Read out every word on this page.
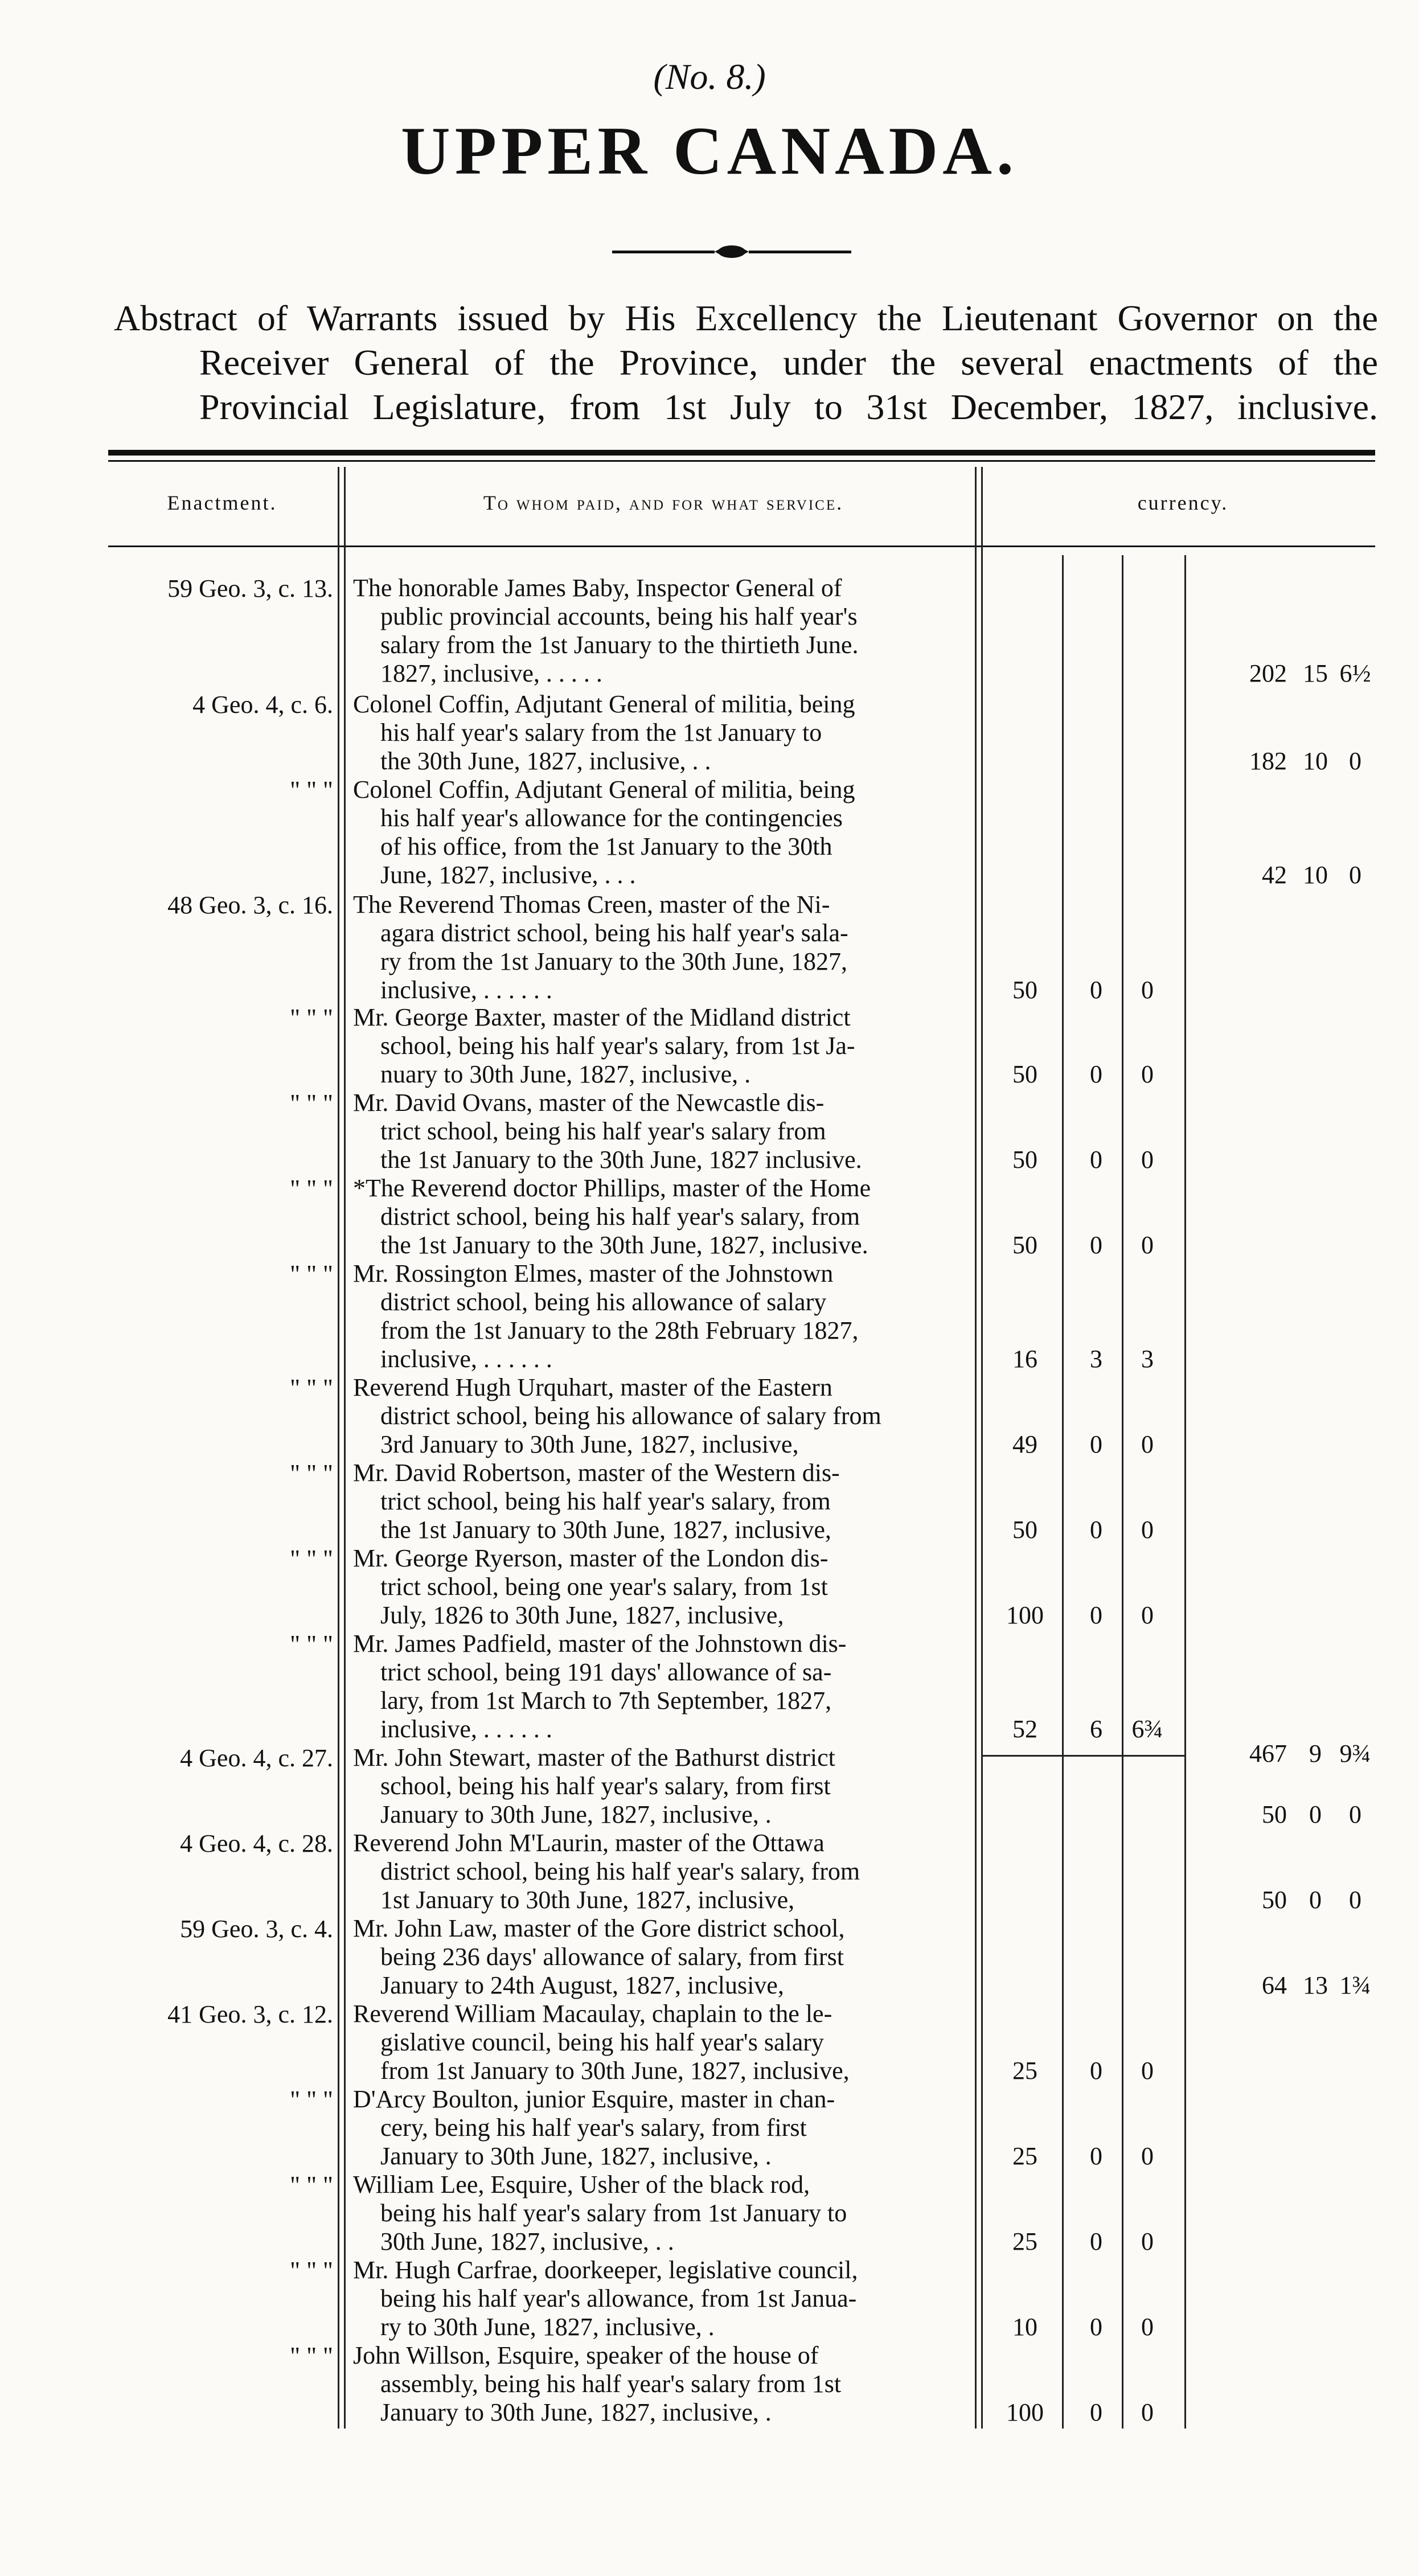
(No. 8.)
UPPER CANADA.
Abstract of Warrants issued by His Excellency the Lieutenant Governor on the
Receiver General of the Province, under the several enactments of the
Provincial Legislature, from 1st July to 31st December, 1827, inclusive.
Enactment.	To whom paid, and for what service.	currency.
59 Geo. 3, c. 13. The honorable James Baby, Inspector General of
public provincial accounts, being his half year's
salary from the 1st January to the thirtieth June.
1827, inclusive, . . . . .	202 15 6½
4 Geo. 4, c. 6. Colonel Coffin, Adjutant General of militia, being
his half year's salary from the 1st January to
the 30th June, 1827, inclusive, . .	182 10 0
" " " Colonel Coffin, Adjutant General of militia, being
his half year's allowance for the contingencies
of his office, from the 1st January to the 30th
June, 1827, inclusive, . . .	42 10 0
48 Geo. 3, c. 16. The Reverend Thomas Creen, master of the Ni-
agara district school, being his half year's sala-
ry from the 1st January to the 30th June, 1827,
inclusive, . . . . . .	50	0	0
" " " Mr. George Baxter, master of the Midland district
school, being his half year's salary, from 1st Ja-
nuary to 30th June, 1827, inclusive, .	50	0	0
" " " Mr. David Ovans, master of the Newcastle dis-
trict school, being his half year's salary from
the 1st January to the 30th June, 1827 inclusive.	50	0	0
" " " *The Reverend doctor Phillips, master of the Home
district school, being his half year's salary, from
the 1st January to the 30th June, 1827, inclusive.	50	0	0
" " " Mr. Rossington Elmes, master of the Johnstown
district school, being his allowance of salary
from the 1st January to the 28th February 1827,
inclusive, . . . . . .	16	3	3
" " " Reverend Hugh Urquhart, master of the Eastern
district school, being his allowance of salary from
3rd January to 30th June, 1827, inclusive,	49	0	0
" " " Mr. David Robertson, master of the Western dis-
trict school, being his half year's salary, from
the 1st January to 30th June, 1827, inclusive,	50	0	0
" " " Mr. George Ryerson, master of the London dis-
trict school, being one year's salary, from 1st
July, 1826 to 30th June, 1827, inclusive,	100	0	0
" " " Mr. James Padfield, master of the Johnstown dis-
trict school, being 191 days' allowance of sa-
lary, from 1st March to 7th September, 1827,
inclusive, . . . . . .	52	6	6¾
4 Geo. 4, c. 27. Mr. John Stewart, master of the Bathurst district
school, being his half year's salary, from first
January to 30th June, 1827, inclusive, .	50 0	0
4 Geo. 4, c. 28. Reverend John M'Laurin, master of the Ottawa
district school, being his half year's salary, from
1st January to 30th June, 1827, inclusive,	50 0	0
59 Geo. 3, c. 4. Mr. John Law, master of the Gore district school,
being 236 days' allowance of salary, from first
January to 24th August, 1827, inclusive,	64 13 1¾
41 Geo. 3, c. 12. Reverend William Macaulay, chaplain to the le-
gislative council, being his half year's salary
from 1st January to 30th June, 1827, inclusive,	25	0	0
" " " D'Arcy Boulton, junior Esquire, master in chan-
cery, being his half year's salary, from first
January to 30th June, 1827, inclusive, .	25	0	0
" " " William Lee, Esquire, Usher of the black rod,
being his half year's salary from 1st January to
30th June, 1827, inclusive, . .	25	0	0
" " " Mr. Hugh Carfrae, doorkeeper, legislative council,
being his half year's allowance, from 1st Janua-
ry to 30th June, 1827, inclusive, .	10	0	0
" " " John Willson, Esquire, speaker of the house of
assembly, being his half year's salary from 1st
January to 30th June, 1827, inclusive, .	100	0	0
467 9 9¾
